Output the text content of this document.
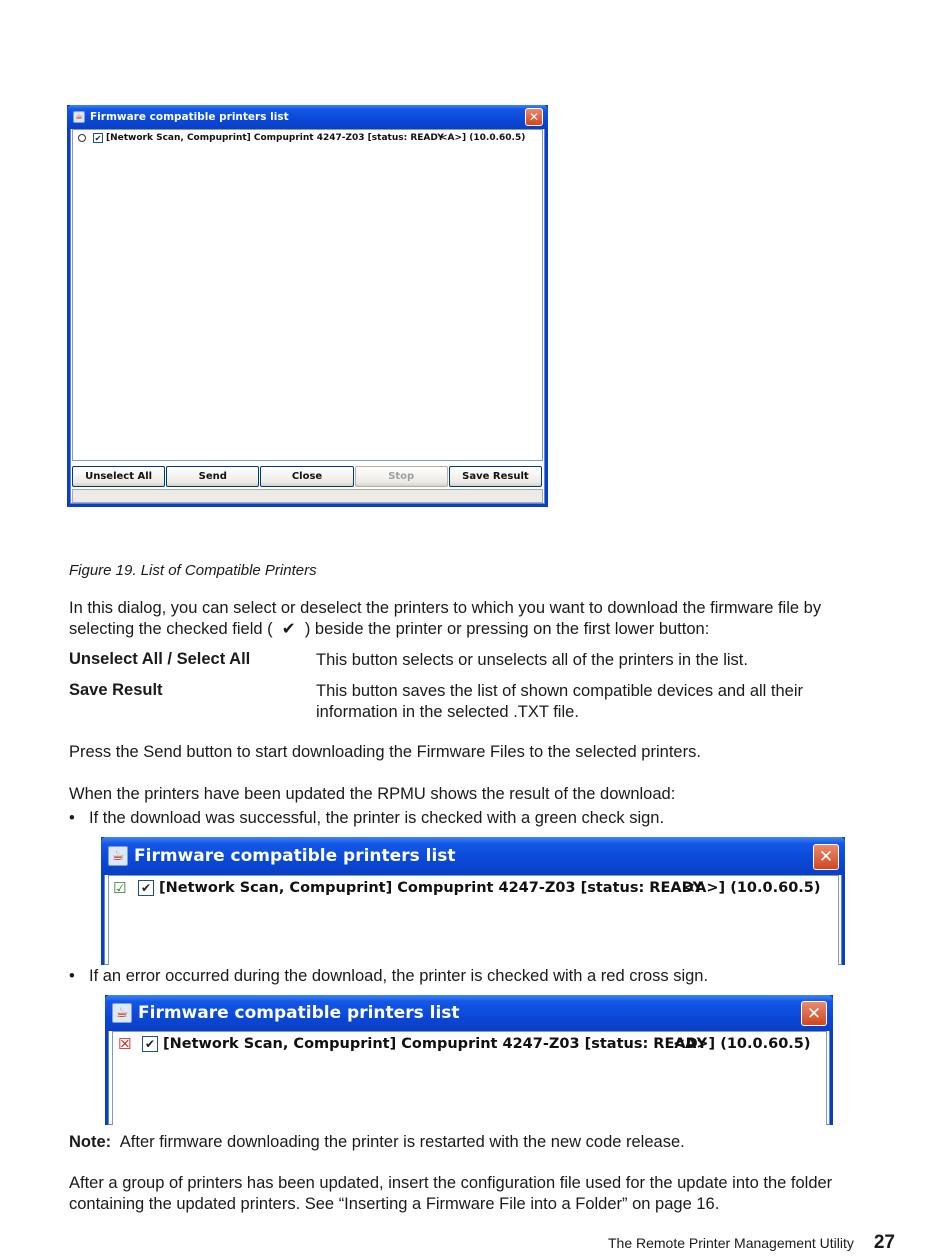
☕ Firmware compatible printers list	✕
✔ [Network Scan, Compuprint] Compuprint 4247-Z03 [status: READY
<A>] (10.0.60.5)
Unselect All	Send	Close	Stop	Save Result
Figure 19. List of Compatible Printers
In this dialog, you can select or deselect the printers to which you want to download the firmware file by
selecting the checked field (  ✔  ) beside the printer or pressing on the first lower button:
Unselect All / Select All	This button selects or unselects all of the printers in the list.
Save Result	This button saves the list of shown compatible devices and all their
information in the selected .TXT file.
Press the Send button to start downloading the Firmware Files to the selected printers.
When the printers have been updated the RPMU shows the result of the download:
• If the download was successful, the printer is checked with a green check sign.
☕ Firmware compatible printers list	✕
☑	✔ [Network Scan, Compuprint] Compuprint 4247-Z03 [status: READY
<A>] (10.0.60.5)
• If an error occurred during the download, the printer is checked with a red cross sign.
☕ Firmware compatible printers list	✕
☒ ✔ [Network Scan, Compuprint] Compuprint 4247-Z03 [status: READY
<A>] (10.0.60.5)
Note: After firmware downloading the printer is restarted with the new code release.
After a group of printers has been updated, insert the configuration file used for the update into the folder
containing the updated printers. See “Inserting a Firmware File into a Folder” on page 16.
The Remote Printer Management Utility 27
